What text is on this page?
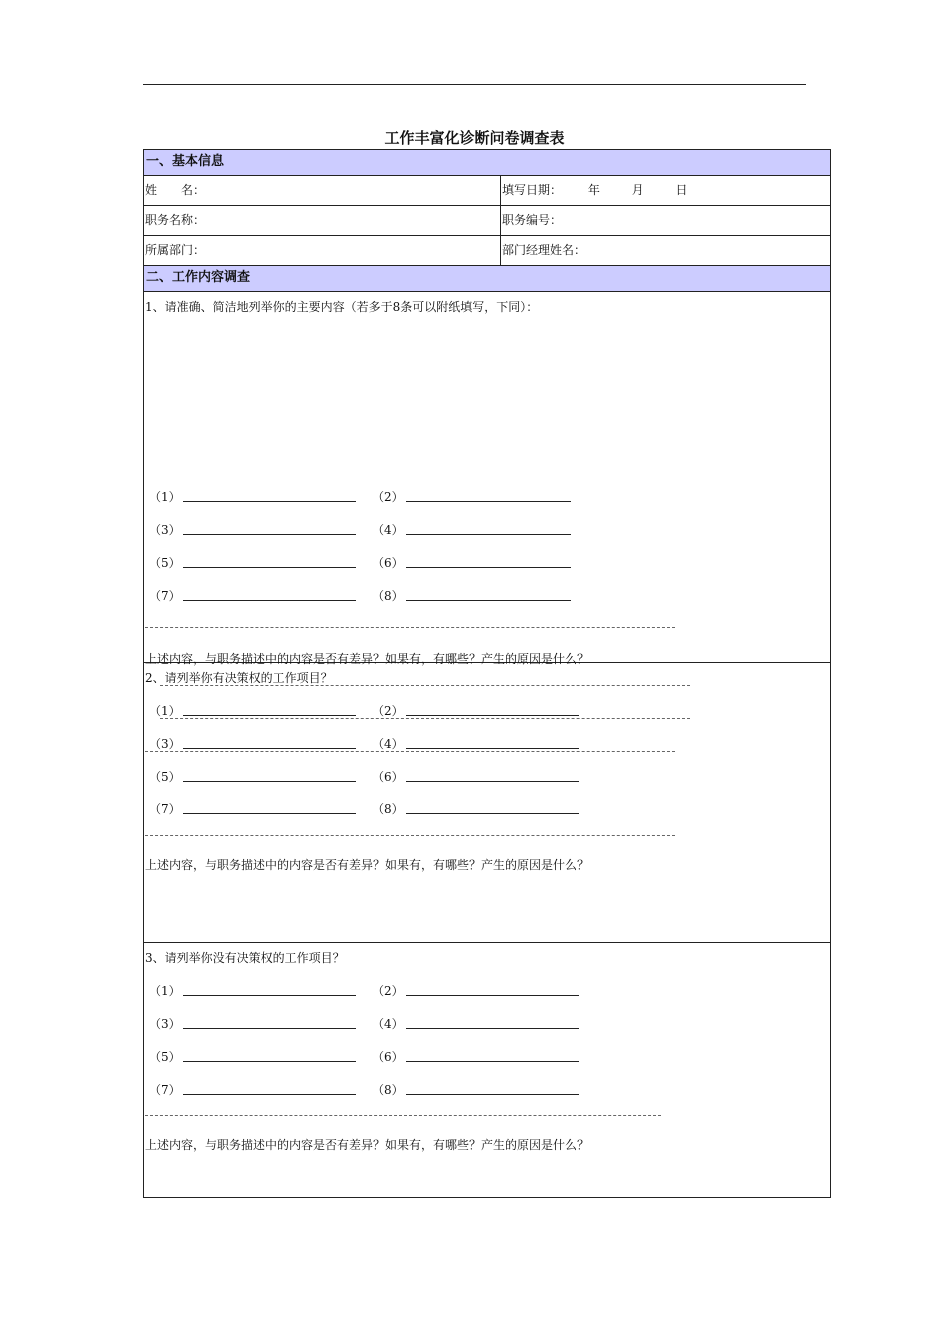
工作丰富化诊断问卷调查表
一、基本信息
姓　　名：	填写日期： 年	月	日
职务名称：	职务编号：
所属部门：	部门经理姓名：
二、工作内容调查
1、请准确、简洁地列举你的主要内容（若多于8条可以附纸填写，下同）：
（1）	（2）
（3）	（4）
（5）	（6）
（7）	（8）
2、请列举你有决策权的工作项目？
（1）	（2）
（3）	（4）
（5）	（6）
（7）	（8）
上述内容，与职务描述中的内容是否有差异？如果有，有哪些？产生的原因是什么？
3、请列举你没有决策权的工作项目？
（1）	（2）
（3）	（4）
（5）	（6）
（7）	（8）
上述内容，与职务描述中的内容是否有差异？如果有，有哪些？产生的原因是什么？
上述内容，与职务描述中的内容是否有差异？如果有，有哪些？产生的原因是什么？
